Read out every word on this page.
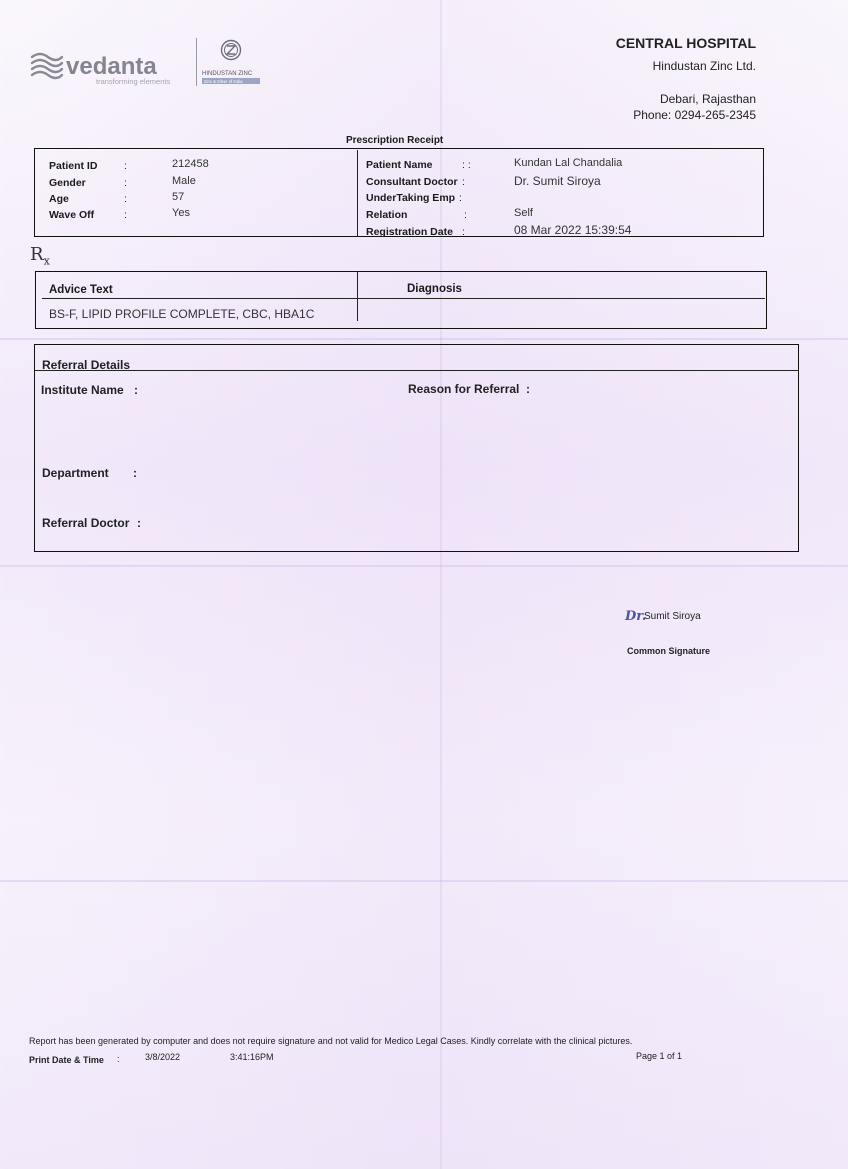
vedanta
transforming elements
HINDUSTAN ZINC
Zinc & Silver of India
CENTRAL HOSPITAL
Hindustan Zinc Ltd.
Debari, Rajasthan
Phone: 0294-265-2345
Prescription Receipt
Patient ID	:	212458
Gender	:	Male
Age	:	57
Wave Off	:	Yes
Patient Name	: :	Kundan Lal Chandalia
Consultant Doctor :	Dr. Sumit Siroya
UnderTaking Emp :
Relation	:	Self
Registration Date :	08 Mar 2022 15:39:54
$R_x$
Advice Text	Diagnosis
BS-F, LIPID PROFILE COMPLETE, CBC, HBA1C
Referral Details
Institute Name :	Reason for Referral :
Department :
Referral Doctor :
Dr.
Sumit Siroya
Common Signature
Report has been generated by computer and does not require signature and not valid for Medico Legal Cases. Kindly correlate with the clinical pictures.
Print Date & Time :	3/8/2022	3:41:16PM	Page 1 of 1
